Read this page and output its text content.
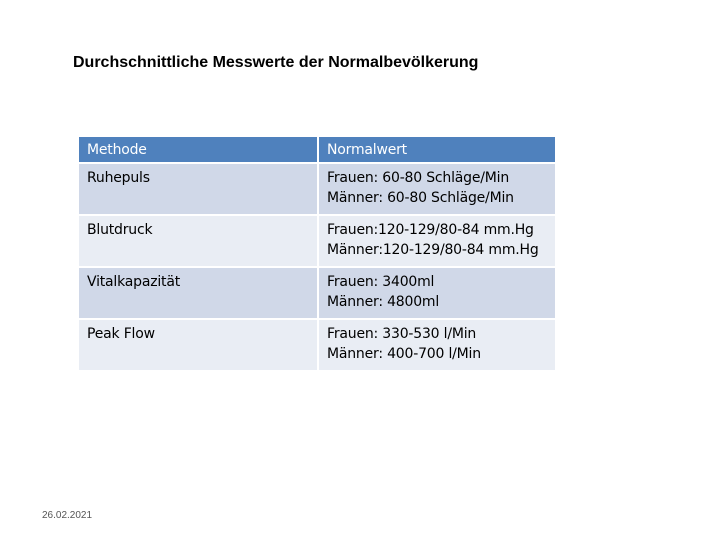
Durchschnittliche Messwerte der Normalbevölkerung
Methode	Normalwert
Ruhepuls	Frauen: 60-80 Schläge/Min
Männer: 60-80 Schläge/Min

Blutdruck	Frauen:120-129/80-84 mm.Hg
Männer:120-129/80-84 mm.Hg

Vitalkapazität	Frauen: 3400ml
Männer: 4800ml

Peak Flow	Frauen: 330-530 l/Min
Männer: 400-700 l/Min
26.02.2021
